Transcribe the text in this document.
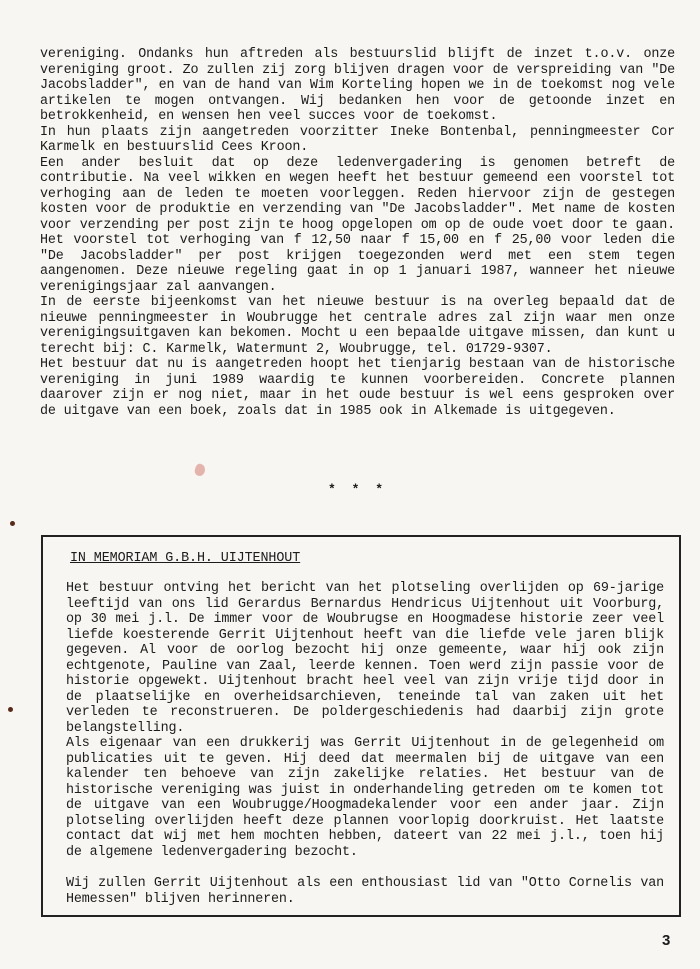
vereniging. Ondanks hun aftreden als bestuurslid blijft de inzet t.o.v. onze vereniging groot. Zo zullen zij zorg blijven dragen voor de verspreiding van "De Jacobsladder", en van de hand van Wim Korteling hopen we in de toekomst nog vele artikelen te mogen ontvangen. Wij bedanken hen voor de getoonde inzet en betrokkenheid, en wensen hen veel succes voor de toekomst.

In hun plaats zijn aangetreden voorzitter Ineke Bontenbal, penningmeester Cor Karmelk en bestuurslid Cees Kroon.

Een ander besluit dat op deze ledenvergadering is genomen betreft de contributie. Na veel wikken en wegen heeft het bestuur gemeend een voorstel tot verhoging aan de leden te moeten voorleggen. Reden hiervoor zijn de gestegen kosten voor de produktie en verzending van "De Jacobsladder". Met name de kosten voor verzending per post zijn te hoog opgelopen om op de oude voet door te gaan. Het voorstel tot verhoging van f 12,50 naar f 15,00 en f 25,00 voor leden die "De Jacobsladder" per post krijgen toegezonden werd met een stem tegen aangenomen. Deze nieuwe regeling gaat in op 1 januari 1987, wanneer het nieuwe verenigingsjaar zal aanvangen.

In de eerste bijeenkomst van het nieuwe bestuur is na overleg bepaald dat de nieuwe penningmeester in Woubrugge het centrale adres zal zijn waar men onze verenigingsuitgaven kan bekomen. Mocht u een bepaalde uitgave missen, dan kunt u terecht bij: C. Karmelk, Watermunt 2, Woubrugge, tel. 01729-9307.

Het bestuur dat nu is aangetreden hoopt het tienjarig bestaan van de historische vereniging in juni 1989 waardig te kunnen voorbereiden. Concrete plannen daarover zijn er nog niet, maar in het oude bestuur is wel eens gesproken over de uitgave van een boek, zoals dat in 1985 ook in Alkemade is uitgegeven.

* * *
IN MEMORIAM G.B.H. UIJTENHOUT

Het bestuur ontving het bericht van het plotseling overlijden op 69-jarige leeftijd van ons lid Gerardus Bernardus Hendricus Uijtenhout uit Voorburg, op 30 mei j.l. De immer voor de Woubrugse en Hoogmadese historie zeer veel liefde koesterende Gerrit Uijtenhout heeft van die liefde vele jaren blijk gegeven. Al voor de oorlog bezocht hij onze gemeente, waar hij ook zijn echtgenote, Pauline van Zaal, leerde kennen. Toen werd zijn passie voor de historie opgewekt. Uijtenhout bracht heel veel van zijn vrije tijd door in de plaatselijke en overheidsarchieven, teneinde tal van zaken uit het verleden te reconstrueren. De poldergeschiedenis had daarbij zijn grote belangstelling.

Als eigenaar van een drukkerij was Gerrit Uijtenhout in de gelegenheid om publicaties uit te geven. Hij deed dat meermalen bij de uitgave van een kalender ten behoeve van zijn zakelijke relaties. Het bestuur van de historische vereniging was juist in onderhandeling getreden om te komen tot de uitgave van een Woubrugge/Hoogmadekalender voor een ander jaar. Zijn plotseling overlijden heeft deze plannen voorlopig doorkruist. Het laatste contact dat wij met hem mochten hebben, dateert van 22 mei j.l., toen hij de algemene ledenvergadering bezocht.

Wij zullen Gerrit Uijtenhout als een enthousiast lid van "Otto Cornelis van Hemessen" blijven herinneren.

3
